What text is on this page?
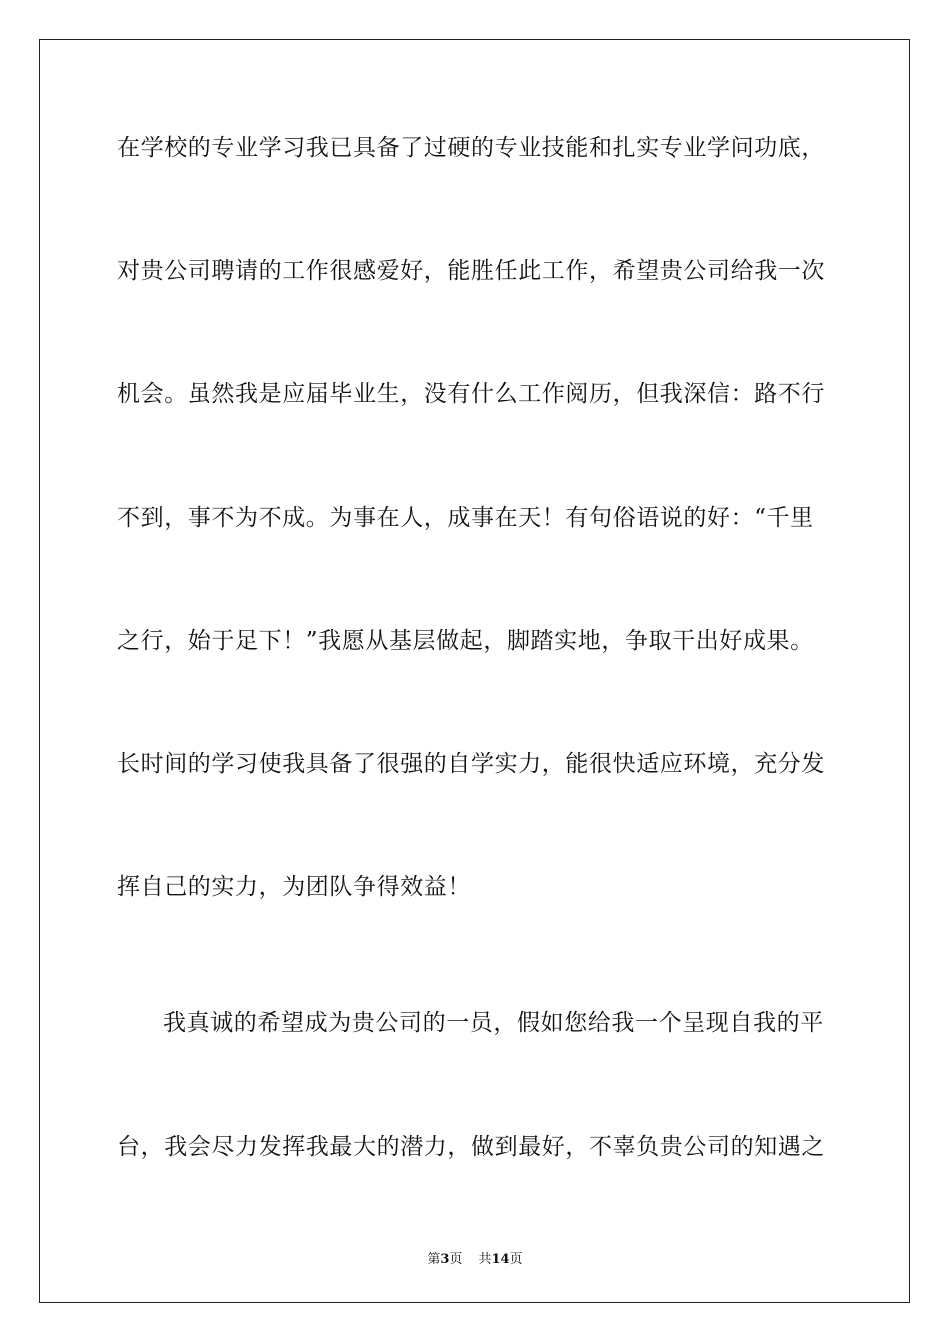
在学校的专业学习我已具备了过硬的专业技能和扎实专业学问功底，
对贵公司聘请的工作很感爱好，能胜任此工作，希望贵公司给我一次
机会。虽然我是应届毕业生，没有什么工作阅历，但我深信：路不行
不到，事不为不成。为事在人，成事在天！有句俗语说的好：“千里
之行，始于足下！”我愿从基层做起，脚踏实地，争取干出好成果。
长时间的学习使我具备了很强的自学实力，能很快适应环境，充分发
挥自己的实力，为团队争得效益！
我真诚的希望成为贵公司的一员，假如您给我一个呈现自我的平
台，我会尽力发挥我最大的潜力，做到最好，不辜负贵公司的知遇之
第3页 共14页
